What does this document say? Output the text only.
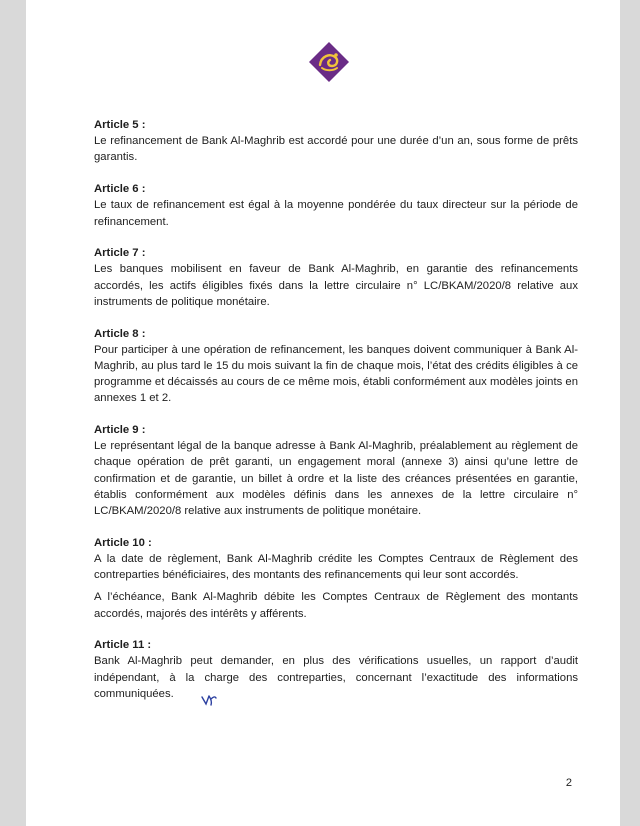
Article 5 :
Le refinancement de Bank Al-Maghrib est accordé pour une durée d’un an, sous forme de prêts garantis.
Article 6 :
Le taux de refinancement est égal à la moyenne pondérée du taux directeur sur la période de refinancement.
Article 7 :
Les banques mobilisent en faveur de Bank Al-Maghrib, en garantie des refinancements accordés, les actifs éligibles fixés dans la lettre circulaire n° LC/BKAM/2020/8 relative aux instruments de politique monétaire.
Article 8 :
Pour participer à une opération de refinancement, les banques doivent communiquer à Bank Al-Maghrib, au plus tard le 15 du mois suivant la fin de chaque mois, l’état des crédits éligibles à ce programme et décaissés au cours de ce même mois, établi conformément aux modèles joints en annexes 1 et 2.
Article 9 :
Le représentant légal de la banque adresse à Bank Al-Maghrib, préalablement au règlement de chaque opération de prêt garanti, un engagement moral (annexe 3) ainsi qu’une lettre de confirmation et de garantie, un billet à ordre et la liste des créances présentées en garantie, établis conformément aux modèles définis dans les annexes de la lettre circulaire n° LC/BKAM/2020/8 relative aux instruments de politique monétaire.
Article 10 :
A la date de règlement, Bank Al-Maghrib crédite les Comptes Centraux de Règlement des contreparties bénéficiaires, des montants des refinancements qui leur sont accordés.
A l’échéance, Bank Al-Maghrib débite les Comptes Centraux de Règlement des montants accordés, majorés des intérêts y afférents.
Article 11 :
Bank Al-Maghrib peut demander, en plus des vérifications usuelles, un rapport d’audit indépendant, à la charge des contreparties, concernant l’exactitude des informations communiquées.
2
